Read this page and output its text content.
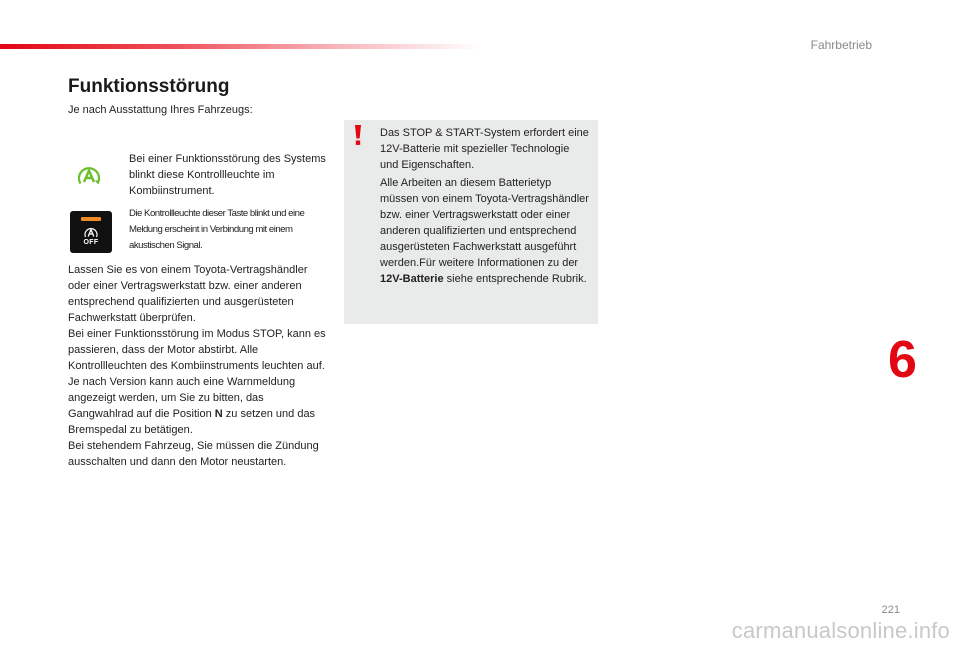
Fahrbetrieb
Funktionsstörung
Je nach Ausstattung Ihres Fahrzeugs:
Bei einer Funktionsstörung des Systems blinkt diese Kontrollleuchte im Kombiinstrument.
OFF
Die Kontrollleuchte dieser Taste blinkt und eine Meldung erscheint in Verbindung mit einem akustischen Signal.

Lassen Sie es von einem Toyota-Vertragshändler oder einer Vertragswerkstatt bzw. einer anderen entsprechend qualifizierten und ausgerüsteten Fachwerkstatt überprüfen.
Bei einer Funktionsstörung im Modus STOP, kann es passieren, dass der Motor abstirbt. Alle Kontrollleuchten des Kombiinstruments leuchten auf.
Je nach Version kann auch eine Warnmeldung angezeigt werden, um Sie zu bitten, das Gangwahlrad auf die Position N zu setzen und das Bremspedal zu betätigen.
Bei stehendem Fahrzeug, Sie müssen die Zündung ausschalten und dann den Motor neustarten.

Das STOP & START-System erfordert eine 12V-Batterie mit spezieller Technologie und Eigenschaften.

Alle Arbeiten an diesem Batterietyp müssen von einem Toyota-Vertragshändler bzw. einer Vertragswerkstatt oder einer anderen qualifizierten und entsprechend ausgerüsteten Fachwerkstatt ausgeführt werden.Für weitere Informationen zu der 12V-Batterie siehe entsprechende Rubrik.

6
221
carmanualsonline.info
